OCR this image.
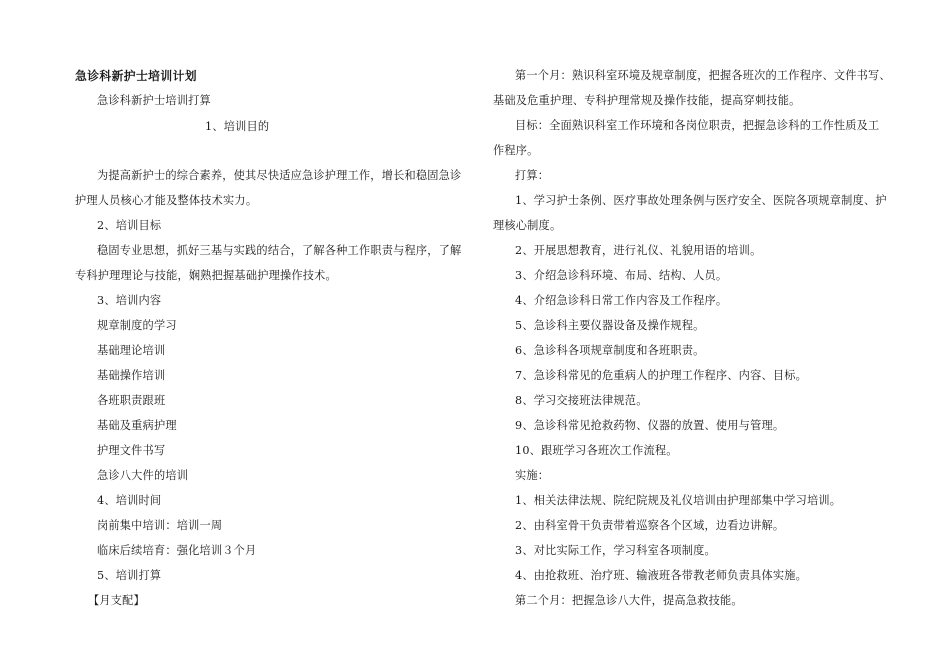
急诊科新护士培训计划
急诊科新护士培训打算
1、培训目的
为提高新护士的综合素养，使其尽快适应急诊护理工作，增长和稳固急诊
护理人员核心才能及整体技术实力。
2、培训目标
稳固专业思想，抓好三基与实践的结合，了解各种工作职责与程序，了解
专科护理理论与技能，娴熟把握基础护理操作技术。
3、培训内容
规章制度的学习
基础理论培训
基础操作培训
各班职责跟班
基础及重病护理
护理文件书写
急诊八大件的培训
4、培训时间
岗前集中培训：培训一周
临床后续培育：强化培训３个月
5、培训打算
【月支配】
第一个月：熟识科室环境及规章制度，把握各班次的工作程序、文件书写、
基础及危重护理、专科护理常规及操作技能，提高穿刺技能。
目标：全面熟识科室工作环境和各岗位职责，把握急诊科的工作性质及工
作程序。
打算：
1、学习护士条例、医疗事故处理条例与医疗安全、医院各项规章制度、护
理核心制度。
2、开展思想教育，进行礼仪、礼貌用语的培训。
3、介绍急诊科环境、布局、结构、人员。
4、介绍急诊科日常工作内容及工作程序。
5、急诊科主要仪器设备及操作规程。
6、急诊科各项规章制度和各班职责。
7、急诊科常见的危重病人的护理工作程序、内容、目标。
8、学习交接班法律规范。
9、急诊科常见抢救药物、仪器的放置、使用与管理。
10、跟班学习各班次工作流程。
实施：
1、相关法律法规、院纪院规及礼仪培训由护理部集中学习培训。
2、由科室骨干负责带着巡察各个区域，边看边讲解。
3、对比实际工作，学习科室各项制度。
4、由抢救班、治疗班、输液班各带教老师负责具体实施。
第二个月：把握急诊八大件，提高急救技能。
